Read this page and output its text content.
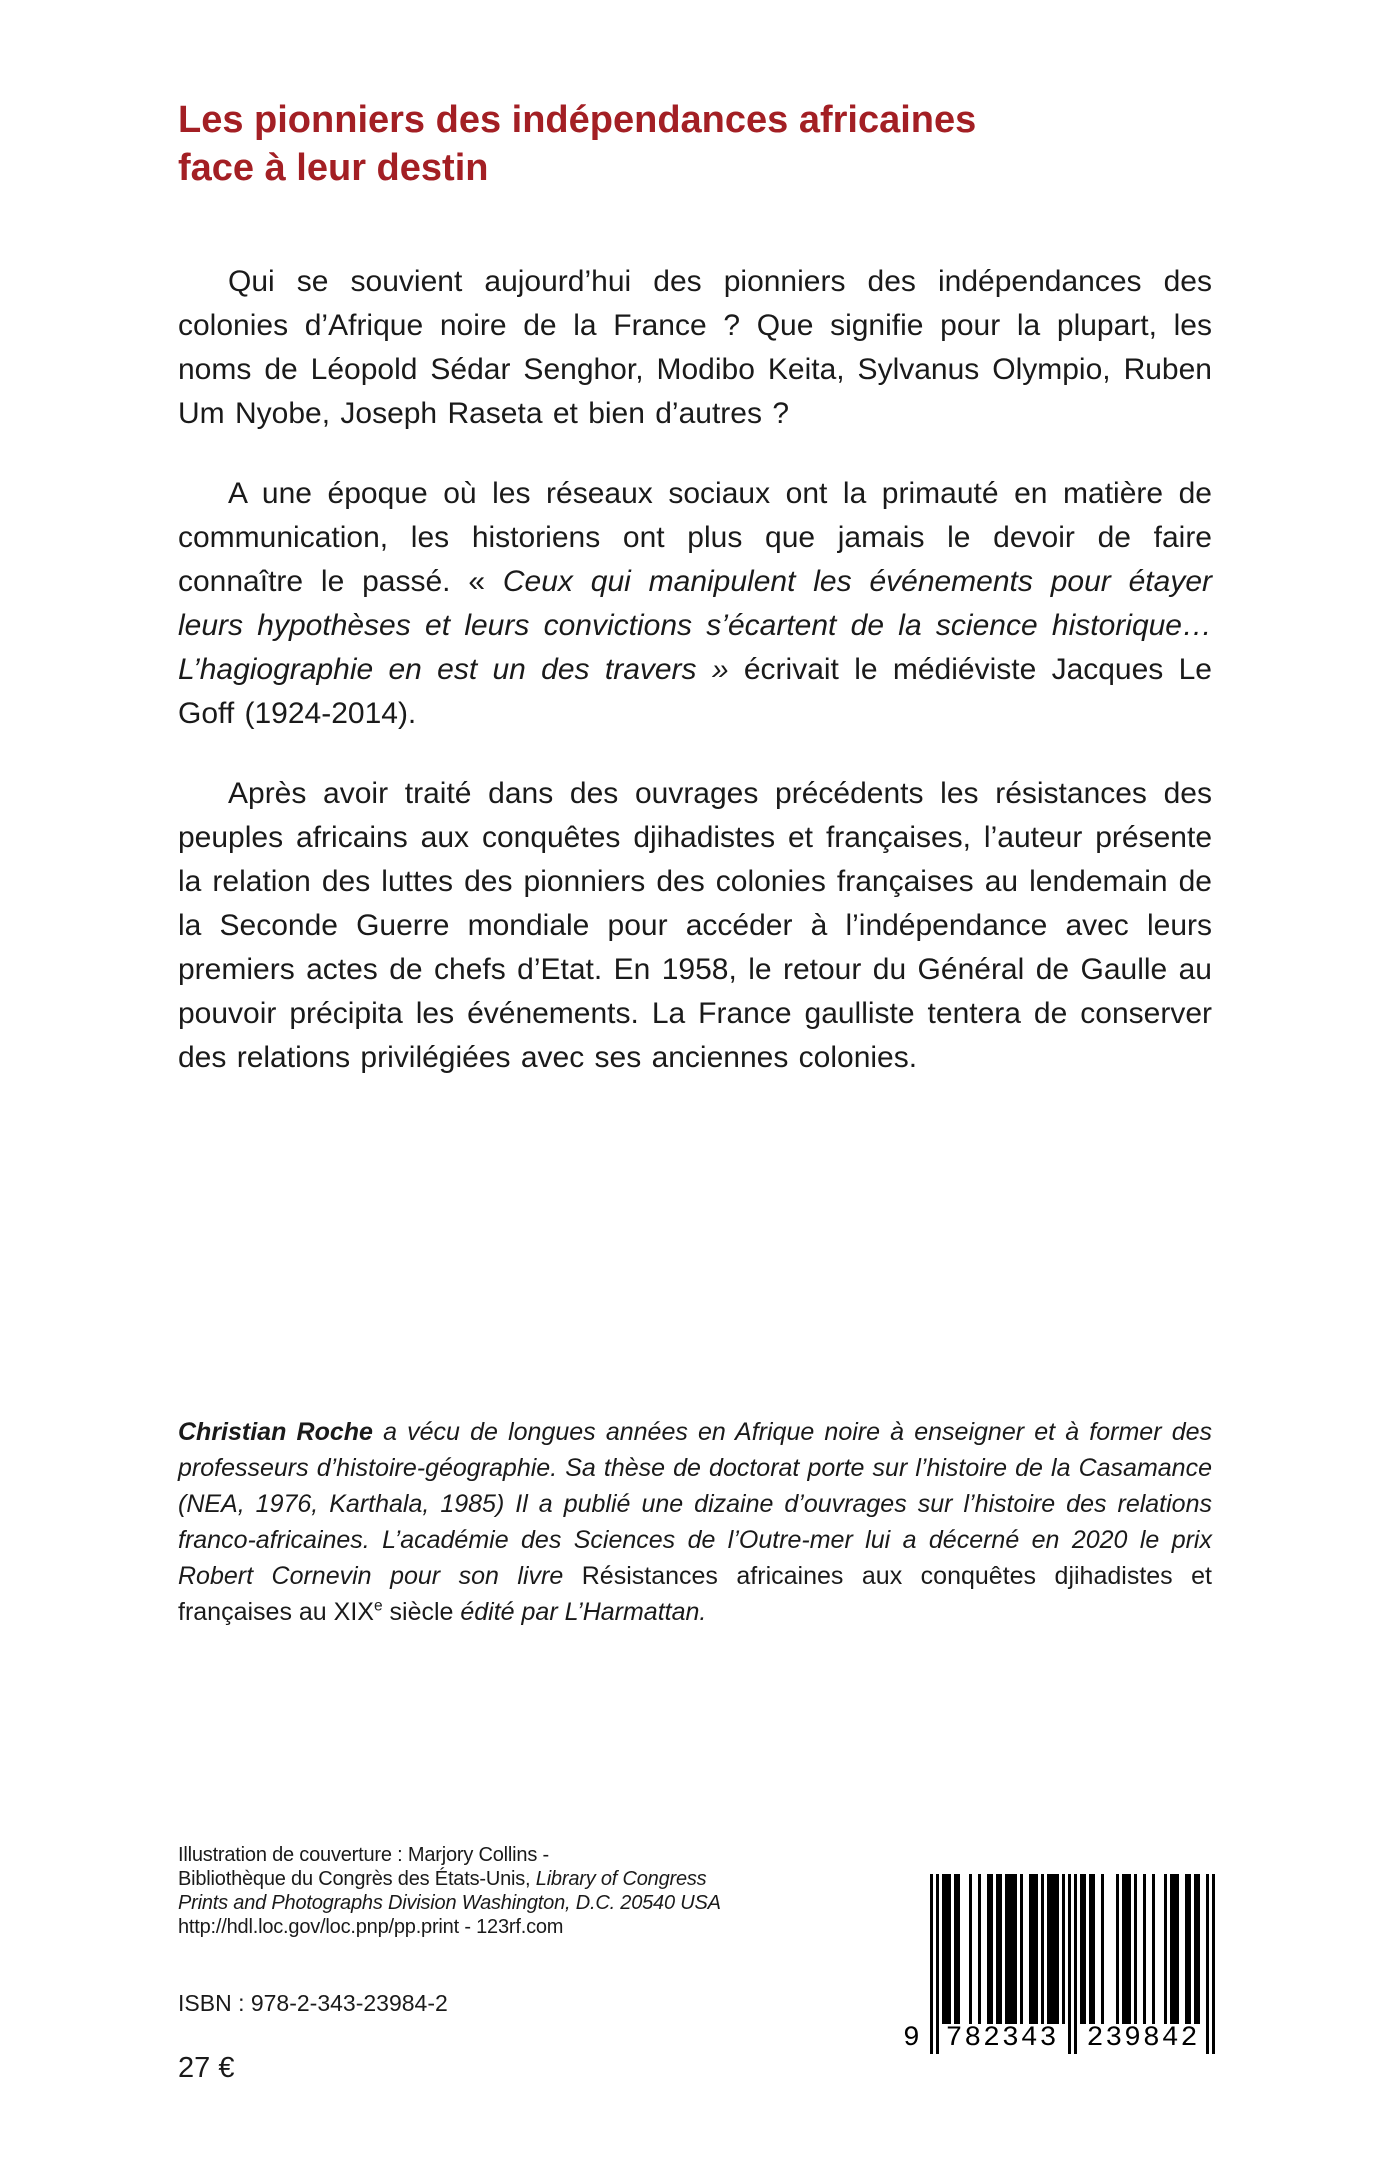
Les pionniers des indépendances africaines
face à leur destin

Qui se souvient aujourd’hui des pionniers des indépendances des colonies d’Afrique noire de la France ? Que signifie pour la plupart, les noms de Léopold Sédar Senghor, Modibo Keita, Sylvanus Olympio, Ruben Um Nyobe, Joseph Raseta et bien d’autres ?

A une époque où les réseaux sociaux ont la primauté en matière de communication, les historiens ont plus que jamais le devoir de faire connaître le passé. « Ceux qui manipulent les événements pour étayer leurs hypothèses et leurs convictions s’écartent de la science historique… L’hagiographie en est un des travers » écrivait le médiéviste Jacques Le Goff (1924-2014).

Après avoir traité dans des ouvrages précédents les résistances des peuples africains aux conquêtes djihadistes et françaises, l’auteur présente la relation des luttes des pionniers des colonies françaises au lendemain de la Seconde Guerre mondiale pour accéder à l’indépendance avec leurs premiers actes de chefs d’Etat. En 1958, le retour du Général de Gaulle au pouvoir précipita les événements. La France gaulliste tentera de conserver des relations privilégiées avec ses anciennes colonies.

Christian Roche a vécu de longues années en Afrique noire à enseigner et à former des professeurs d’histoire-géographie. Sa thèse de doctorat porte sur l’histoire de la Casamance (NEA, 1976, Karthala, 1985) Il a publié une dizaine d’ouvrages sur l’histoire des relations franco-africaines. L’académie des Sciences de l’Outre-mer lui a décerné en 2020 le prix Robert Cornevin pour son livre Résistances africaines aux conquêtes djihadistes et françaises au XIXe siècle édité par L’Harmattan.
Illustration de couverture : Marjory Collins -
Bibliothèque du Congrès des États-Unis, Library of Congress
Prints and Photographs Division Washington, D.C. 20540 USA
http://hdl.loc.gov/loc.pnp/pp.print - 123rf.com
ISBN : 978-2-343-23984-2
27 €
9 782343 239842
